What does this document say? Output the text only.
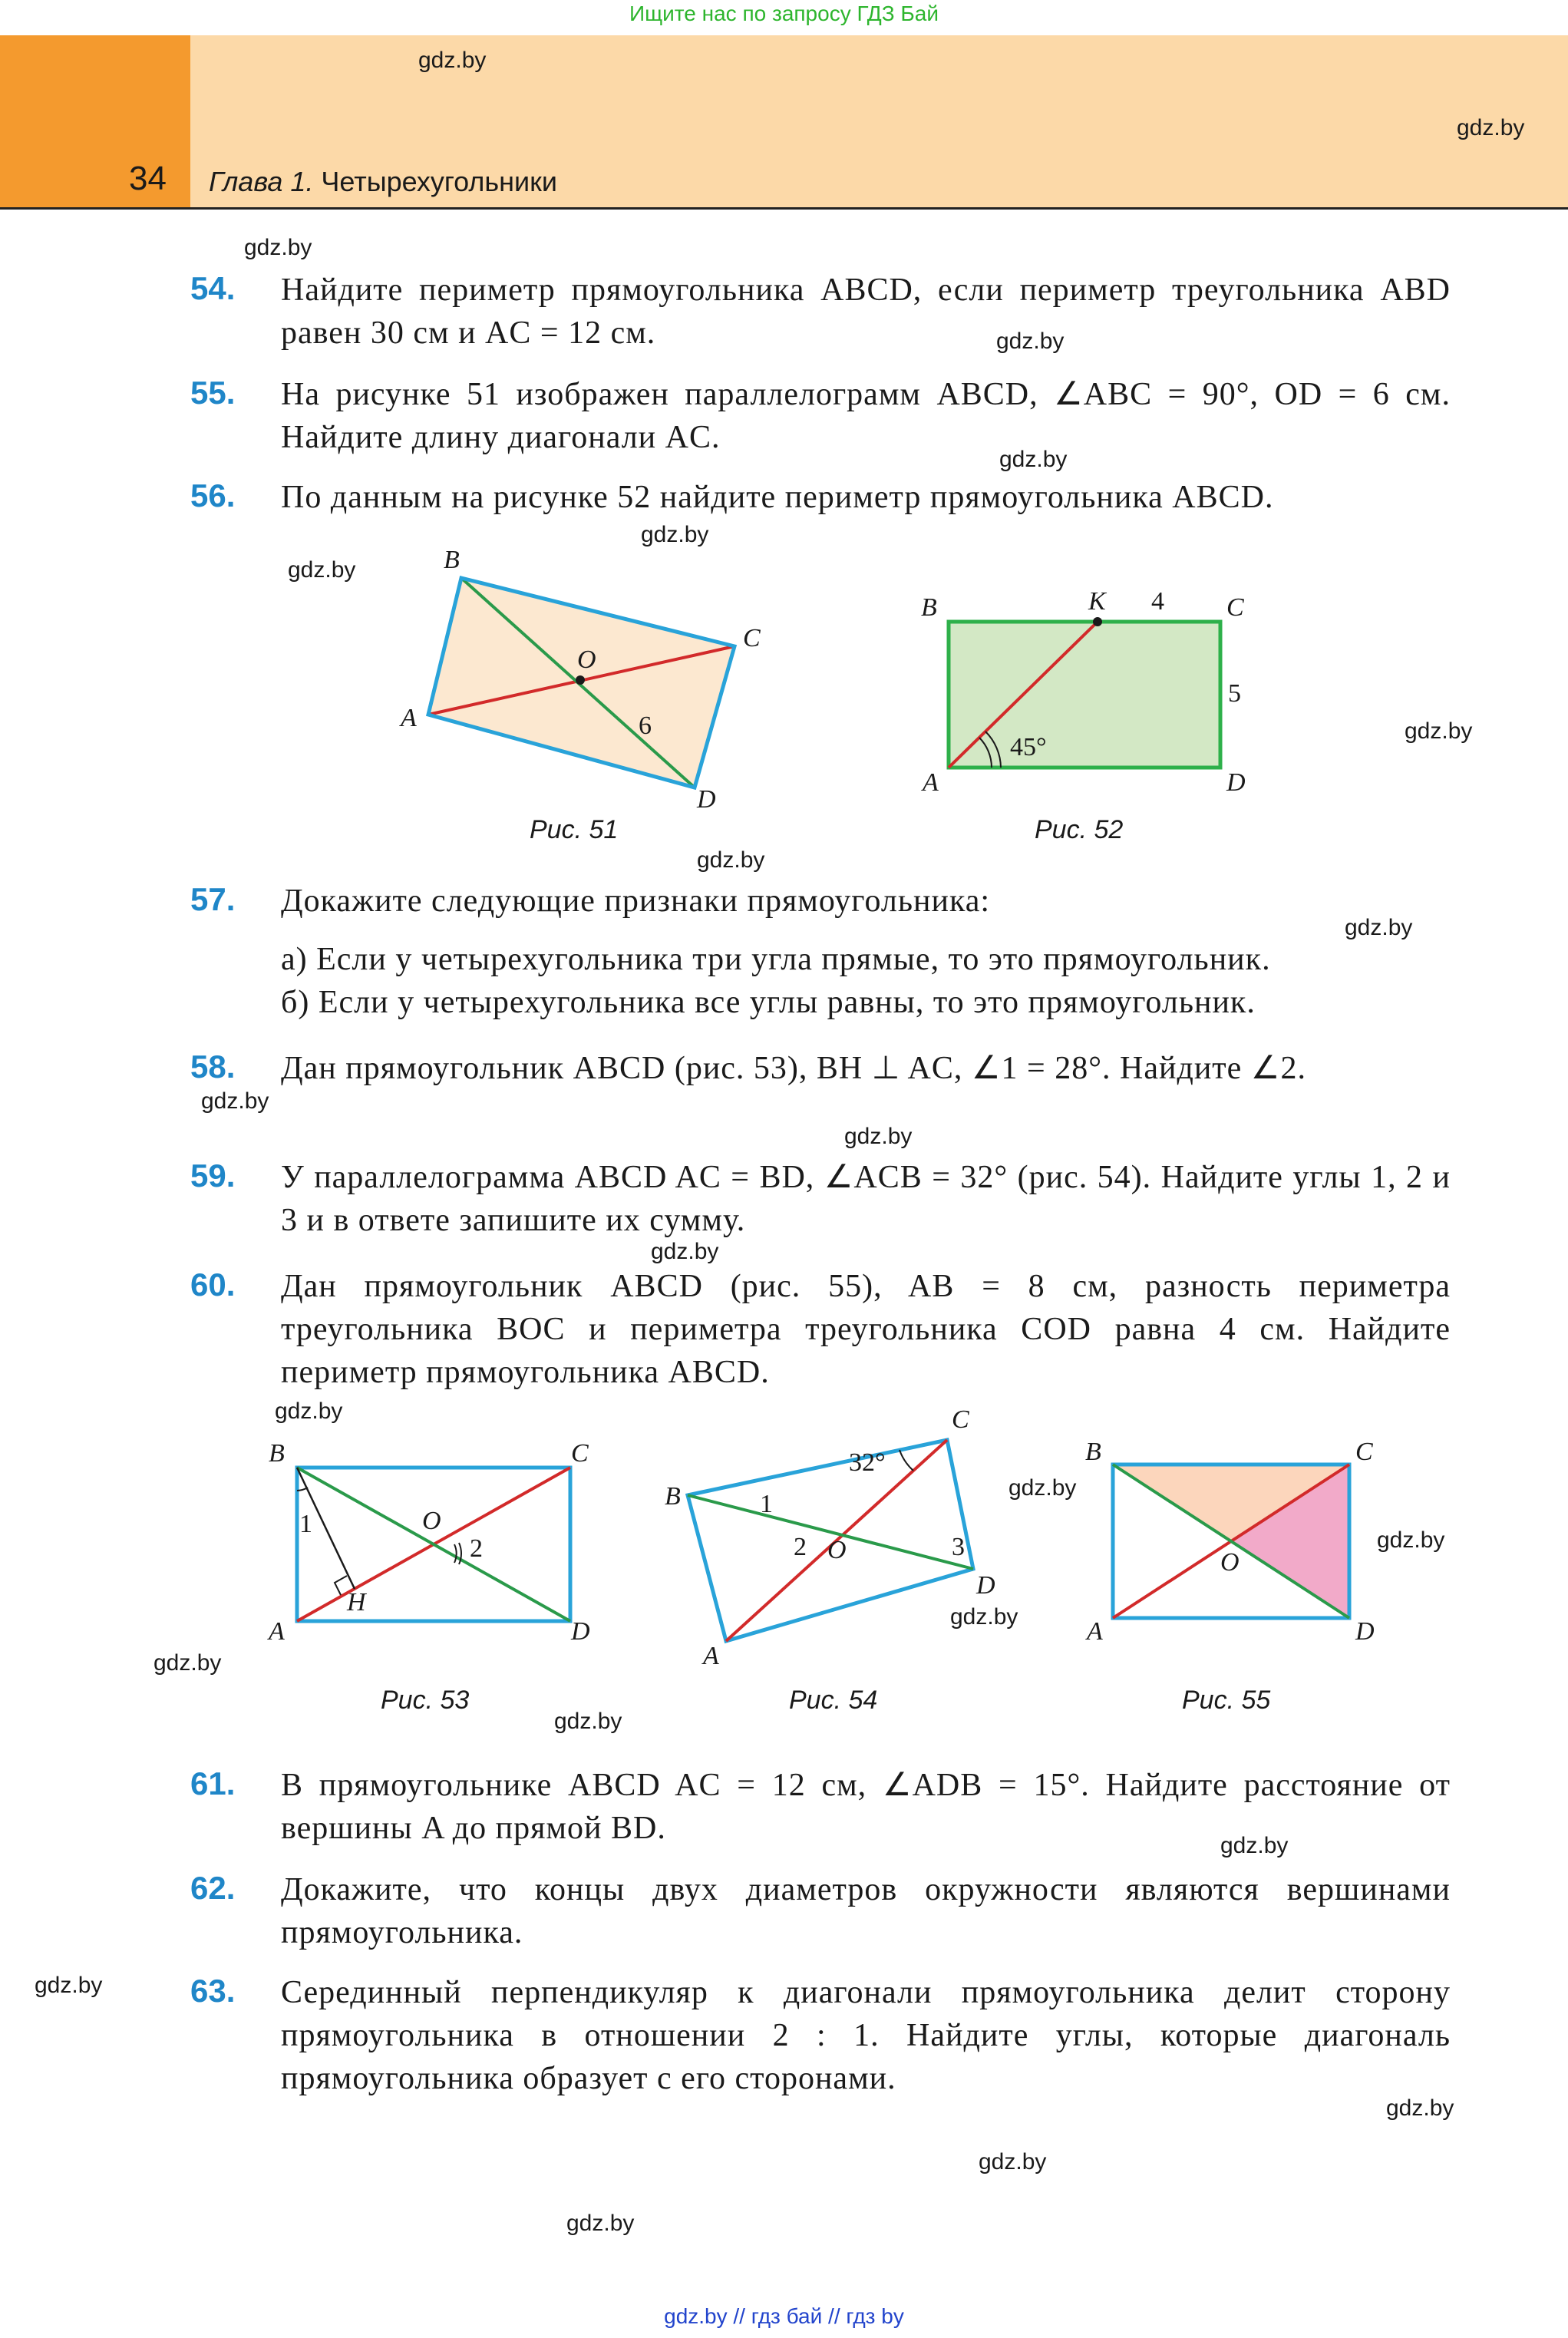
Ищите нас по запросу ГДЗ Бай
34 Глава 1. Четырехугольники
gdz.by
gdz.by
gdz.by
gdz.by
gdz.by
gdz.by
gdz.by
gdz.by
gdz.by
gdz.by
gdz.by
gdz.by
gdz.by
gdz.by
gdz.by
gdz.by
gdz.by
gdz.by
gdz.by
gdz.by
gdz.by
gdz.by
gdz.by
gdz.by
54. Найдите периметр прямоугольника ABCD, если периметр треугольника ABD равен 30 см и AC = 12 см.
55. На рисунке 51 изображен параллелограмм ABCD, ∠ABC = 90°, OD = 6 см. Найдите длину диагонали AC.
56. По данным на рисунке 52 найдите периметр прямоугольника ABCD.
B
C
A
D
O
6
Рис. 51
B	K 4 C
5
45°
A	D
Рис. 52
57. Докажите следующие признаки прямоугольника:
а) Если у четырехугольника три угла прямые, то это прямоугольник.
б) Если у четырехугольника все углы равны, то это прямоугольник.
58. Дан прямоугольник ABCD (рис. 53), BH ⊥ AC, ∠1 = 28°. Найдите ∠2.
59. У параллелограмма ABCD AC = BD, ∠ACB = 32° (рис. 54). Найдите углы 1, 2 и 3 и в ответе запишите их сумму.
60. Дан прямоугольник ABCD (рис. 55), AB = 8 см, разность периметра треугольника BOC и периметра треугольника COD равна 4 см. Найдите периметр прямоугольника ABCD.
B	C
A	D
O
H
1
2
Рис. 53
B
C
D
A
O
1
2	3
32°
Рис. 54
B	C
A	D
O
Рис. 55
61. В прямоугольнике ABCD AC = 12 см, ∠ADB = 15°. Найдите расстояние от вершины A до прямой BD.
62. Докажите, что концы двух диаметров окружности являются вершинами прямоугольника.
63. Серединный перпендикуляр к диагонали прямоугольника делит сторону прямоугольника в отношении 2 : 1. Найдите углы, которые диагональ прямоугольника образует с его сторонами.
gdz.by // гдз бай // гдз by
